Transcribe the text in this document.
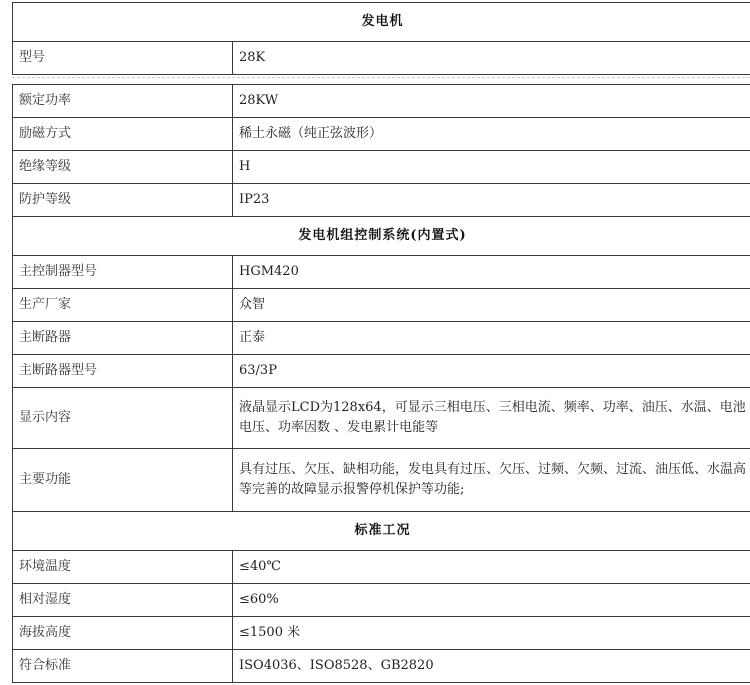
发电机
型号	28K
额定功率	28KW
励磁方式	稀土永磁（纯正弦波形）
绝缘等级	H
防护等级	IP23
发电机组控制系统(内置式)	
主控制器型号	HGM420
生产厂家	众智
主断路器	正泰
主断路器型号	63/3P
显示内容	液晶显示LCD为128x64，可显示三相电压、三相电流、频率、功率、油压、水温、电池电压、功率因数 、发电累计电能等
主要功能	具有过压、欠压、缺相功能，发电具有过压、欠压、过频、欠频、过流、油压低、水温高等完善的故障显示报警停机保护等功能;
标准工况	
环境温度	≤40℃
相对湿度	≤60%
海拔高度	≤1500 米
符合标准	ISO4036、ISO8528、GB2820
